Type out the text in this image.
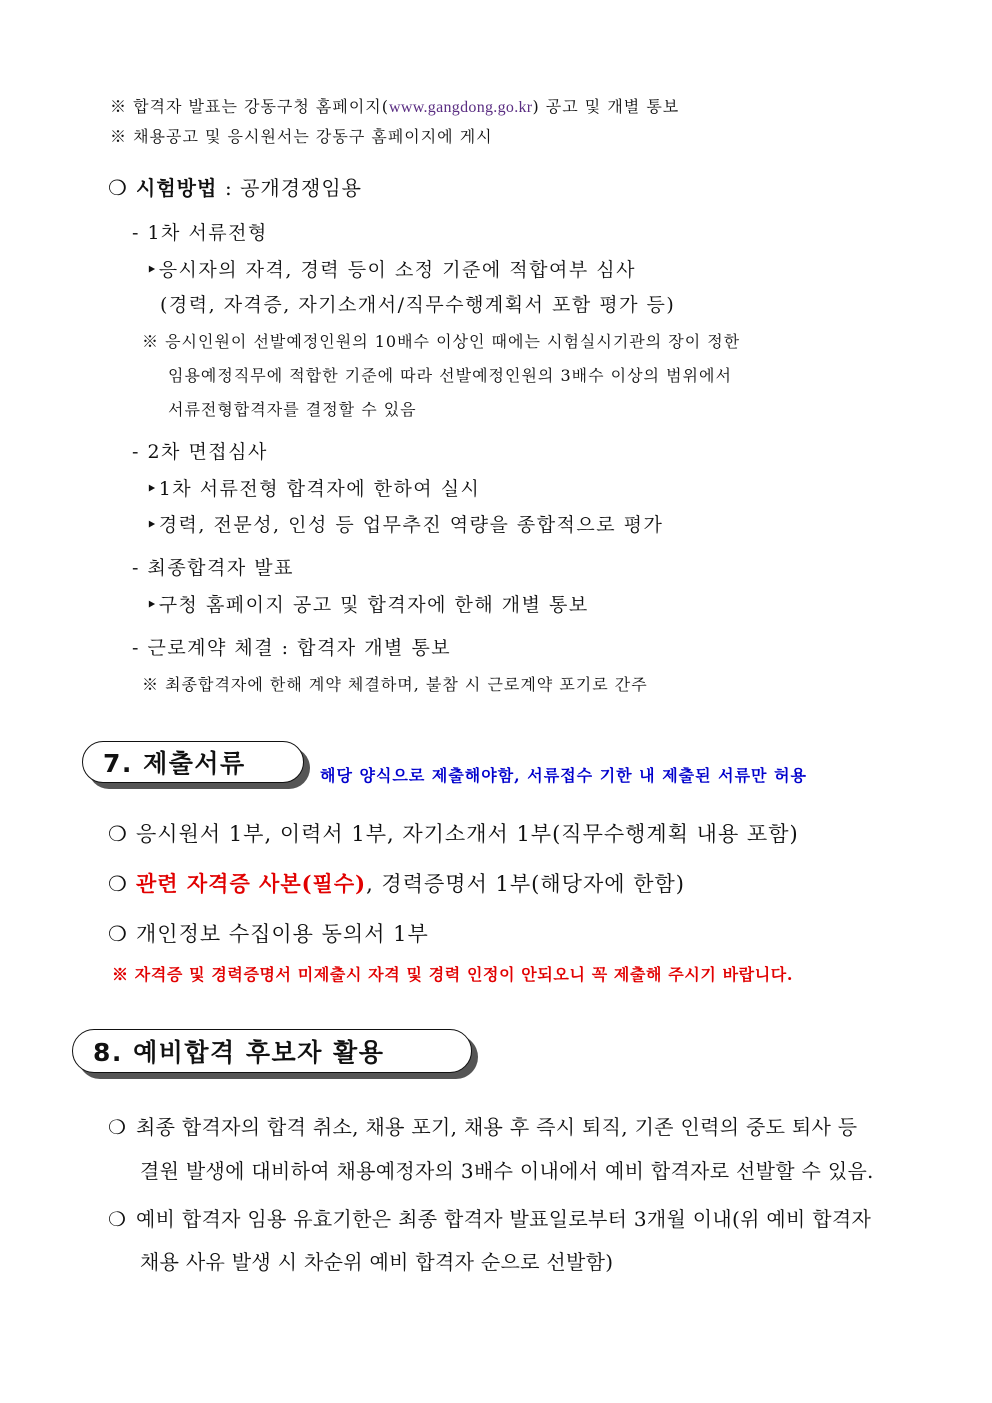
※ 합격자 발표는 강동구청 홈페이지(www.gangdong.go.kr) 공고 및 개별 통보
※ 채용공고 및 응시원서는 강동구 홈페이지에 게시
❍ 시험방법 : 공개경쟁임용
- 1차 서류전형
‣응시자의 자격, 경력 등이 소정 기준에 적합여부 심사
(경력, 자격증, 자기소개서/직무수행계획서 포함 평가 등)
※ 응시인원이 선발예정인원의 10배수 이상인 때에는 시험실시기관의 장이 정한
임용예정직무에 적합한 기준에 따라 선발예정인원의 3배수 이상의 범위에서
서류전형합격자를 결정할 수 있음
- 2차 면접심사
‣1차 서류전형 합격자에 한하여 실시
‣경력, 전문성, 인성 등 업무추진 역량을 종합적으로 평가
- 최종합격자 발표
‣구청 홈페이지 공고 및 합격자에 한해 개별 통보
- 근로계약 체결 : 합격자 개별 통보
※ 최종합격자에 한해 계약 체결하며, 불참 시 근로계약 포기로 간주
7. 제출서류	해당 양식으로 제출해야함, 서류접수 기한 내 제출된 서류만 허용
❍ 응시원서 1부, 이력서 1부, 자기소개서 1부(직무수행계획 내용 포함)
❍ 관련 자격증 사본(필수), 경력증명서 1부(해당자에 한함)
❍ 개인정보 수집이용 동의서 1부
※ 자격증 및 경력증명서 미제출시 자격 및 경력 인정이 안되오니 꼭 제출해 주시기 바랍니다.
8. 예비합격 후보자 활용
❍ 최종 합격자의 합격 취소, 채용 포기, 채용 후 즉시 퇴직, 기존 인력의 중도 퇴사 등
결원 발생에 대비하여 채용예정자의 3배수 이내에서 예비 합격자로 선발할 수 있음.
❍ 예비 합격자 임용 유효기한은 최종 합격자 발표일로부터 3개월 이내(위 예비 합격자
채용 사유 발생 시 차순위 예비 합격자 순으로 선발함)
